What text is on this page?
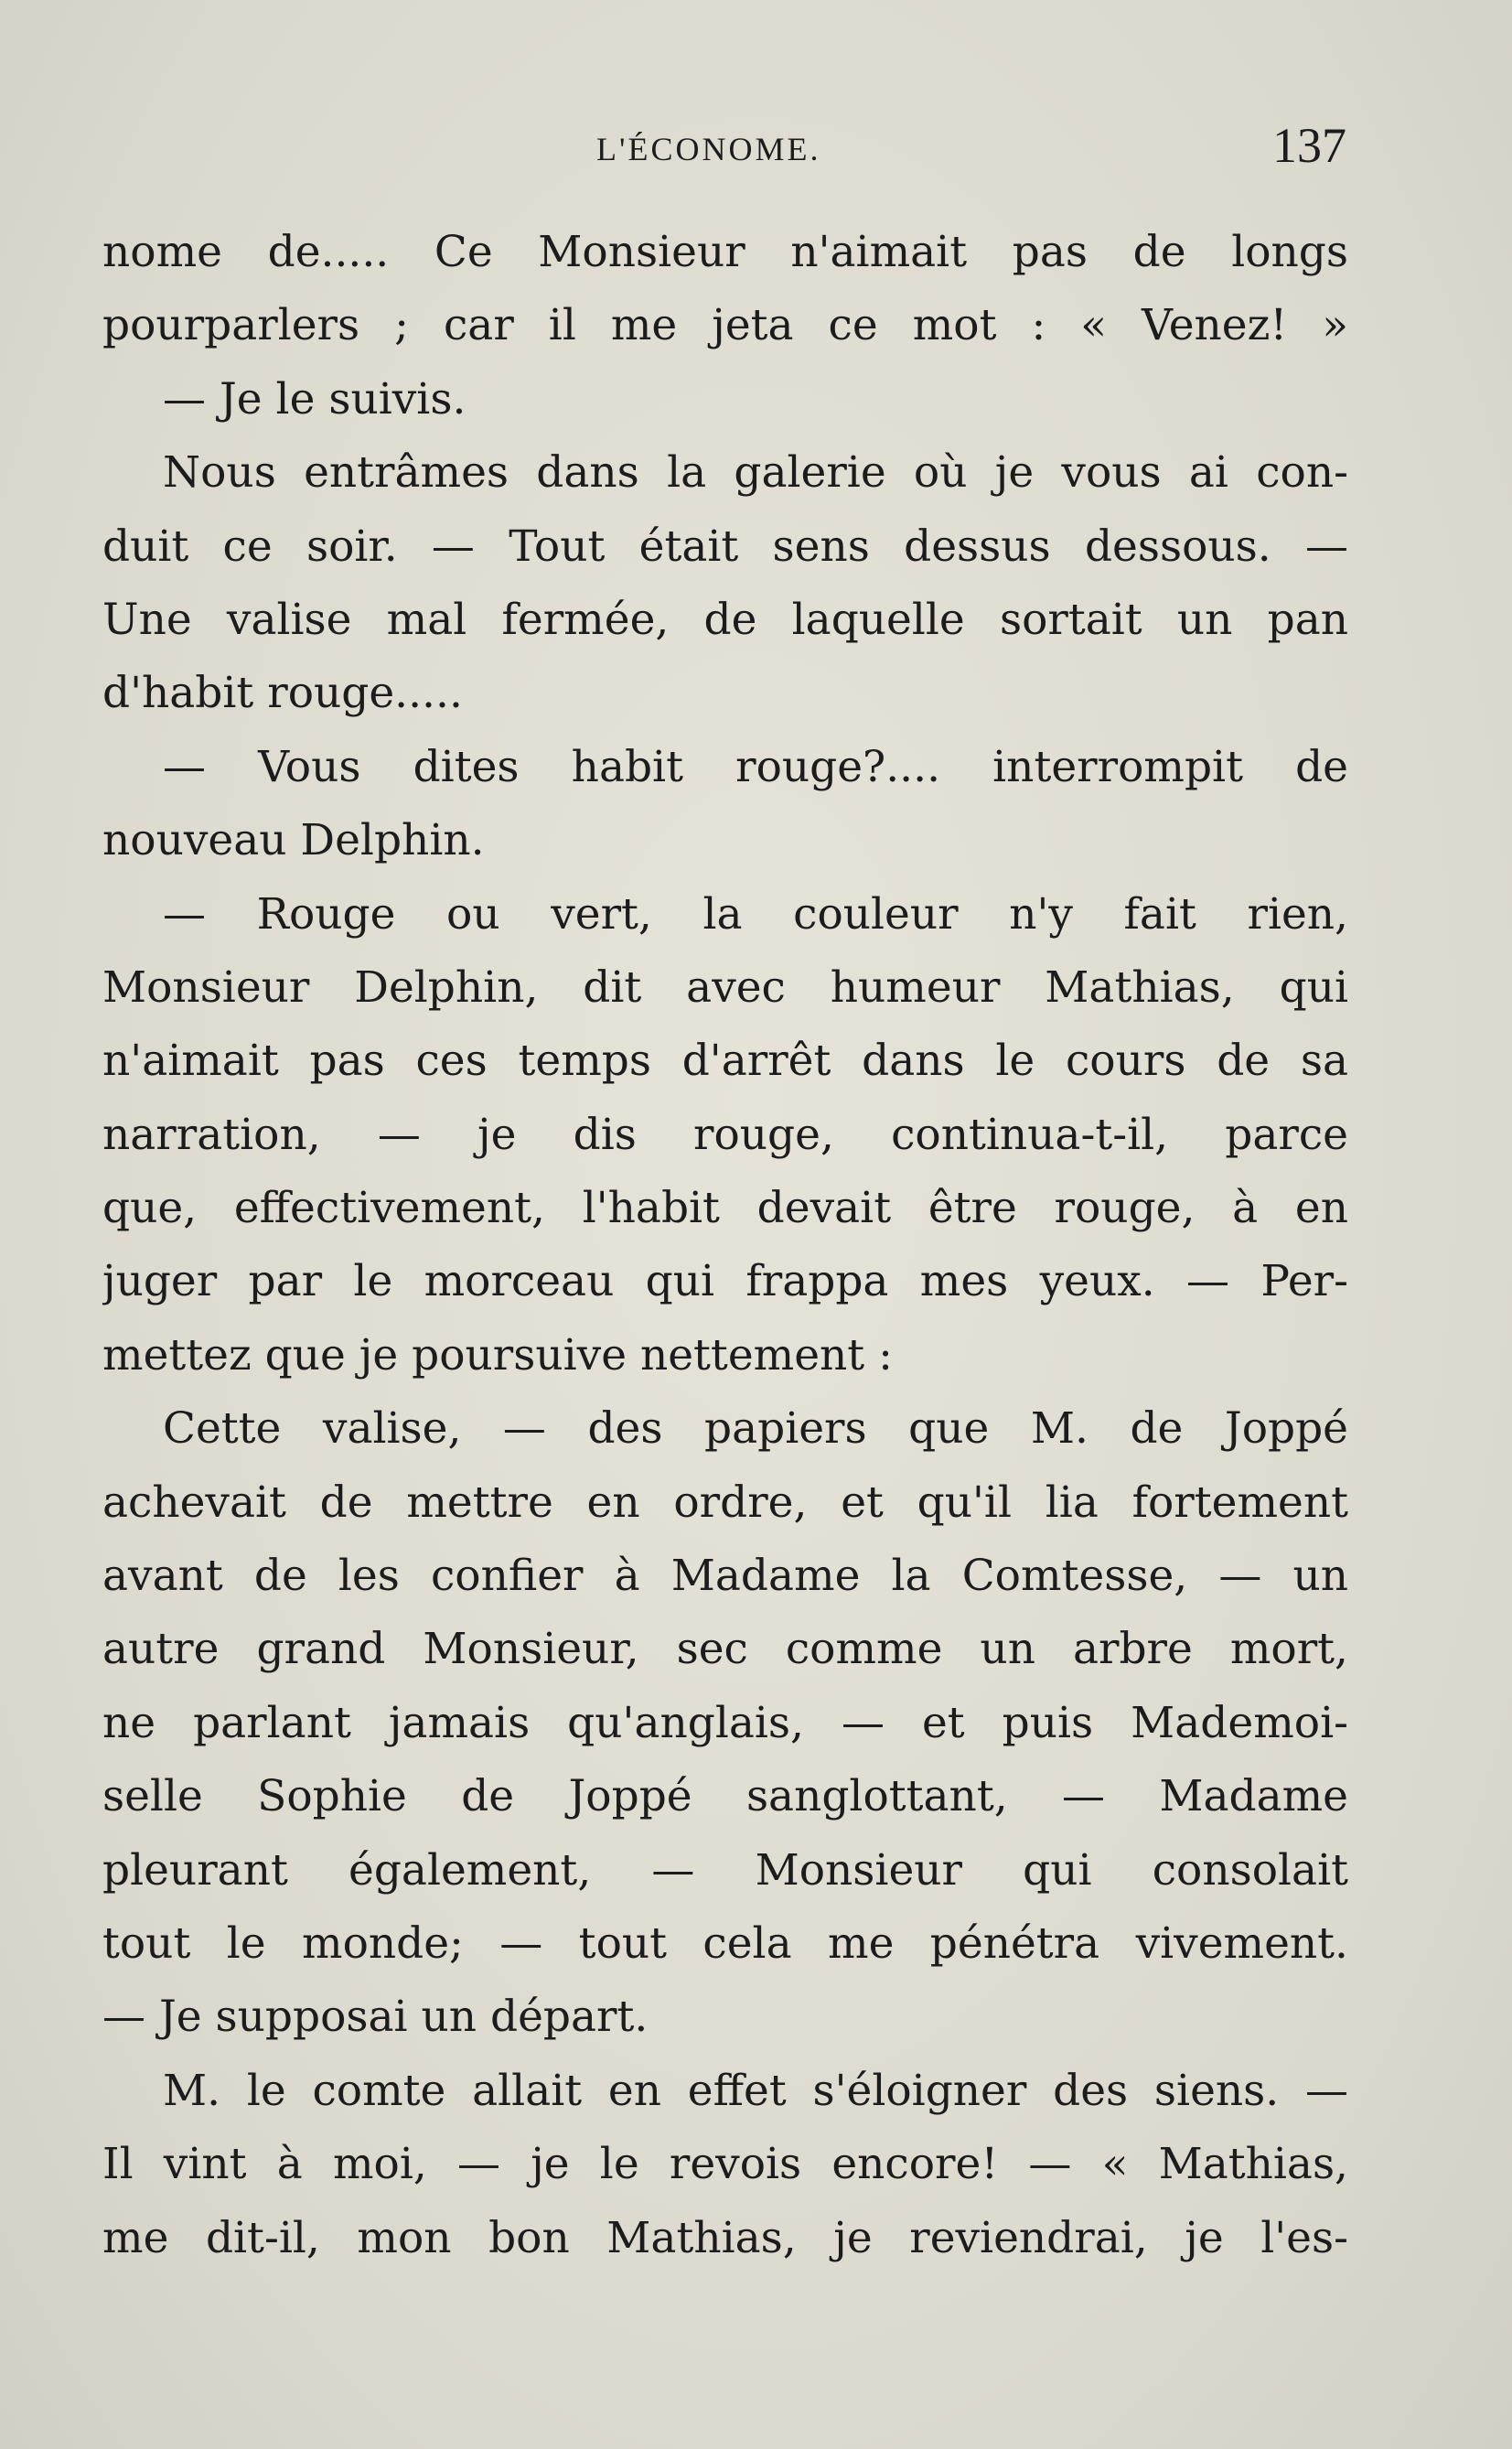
L'ÉCONOME.	137
nome de..... Ce Monsieur n'aimait pas de longs
pourparlers ; car il me jeta ce mot : « Venez! »
— Je le suivis.
Nous entrâmes dans la galerie où je vous ai con-
duit ce soir. — Tout était sens dessus dessous. —
Une valise mal fermée, de laquelle sortait un pan
d'habit rouge.....
— Vous dites habit rouge?.... interrompit de
nouveau Delphin.
— Rouge ou vert, la couleur n'y fait rien,
Monsieur Delphin, dit avec humeur Mathias, qui
n'aimait pas ces temps d'arrêt dans le cours de sa
narration, — je dis rouge, continua-t-il, parce
que, effectivement, l'habit devait être rouge, à en
juger par le morceau qui frappa mes yeux. — Per-
mettez que je poursuive nettement :
Cette valise, — des papiers que M. de Joppé
achevait de mettre en ordre, et qu'il lia fortement
avant de les confier à Madame la Comtesse, — un
autre grand Monsieur, sec comme un arbre mort,
ne parlant jamais qu'anglais, — et puis Mademoi-
selle Sophie de Joppé sanglottant, — Madame
pleurant également, — Monsieur qui consolait
tout le monde; — tout cela me pénétra vivement.
— Je supposai un départ.
M. le comte allait en effet s'éloigner des siens. —
Il vint à moi, — je le revois encore! — « Mathias,
me dit-il, mon bon Mathias, je reviendrai, je l'es-
